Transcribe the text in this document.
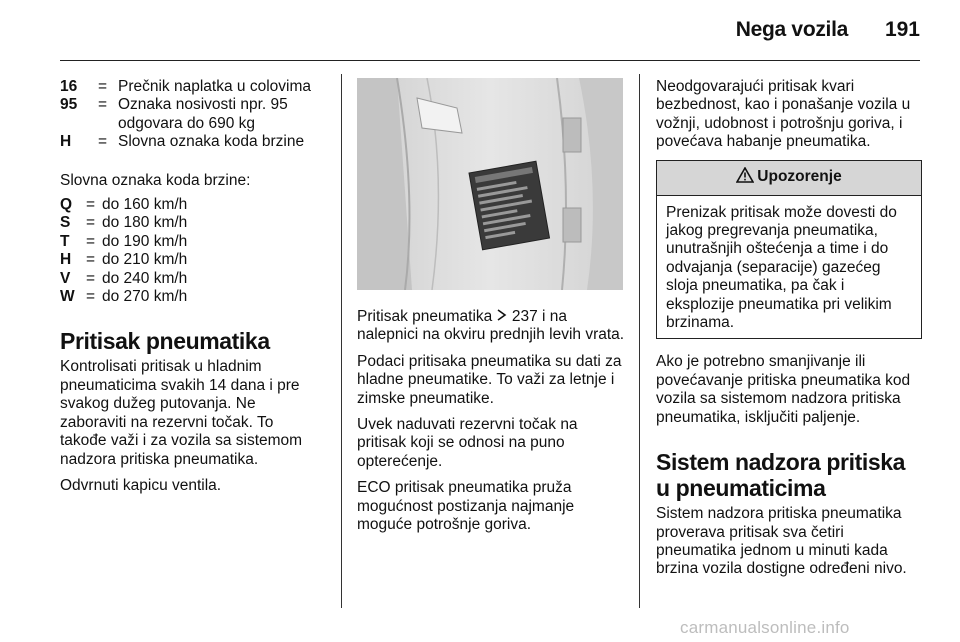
Nega vozila 191
16	= Prečnik naplatka u colovima
95	= Oznaka nosivosti npr. 95 odgovara do 690 kg
H	= Slovna oznaka koda brzine

Slovna oznaka koda brzine:

Q = do 160 km/h
S	= do 180 km/h
T	= do 190 km/h
H = do 210 km/h
V	= do 240 km/h
W = do 270 km/h
Pritisak pneumatika

Kontrolisati pritisak u hladnim pneumaticima svakih 14 dana i pre svakog dužeg putovanja. Ne zaboraviti na rezervni točak. To takođe važi i za vozila sa sistemom nadzora pritiska pneumatika.

Odvrnuti kapicu ventila.

Pritisak pneumatika  237 i na nalepnici na okviru prednjih levih vrata.

Podaci pritisaka pneumatika su dati za hladne pneumatike. To važi za letnje i zimske pneumatike.

Uvek naduvati rezervni točak na pritisak koji se odnosi na puno opterećenje.

ECO pritisak pneumatika pruža mogućnost postizanja najmanje moguće potrošnje goriva.

Neodgovarajući pritisak kvari bezbednost, kao i ponašanje vozila u vožnji, udobnost i potrošnju goriva, i povećava habanje pneumatika.

Upozorenje
Prenizak pritisak može dovesti do jakog pregrevanja pneumatika, unutrašnjih oštećenja a time i do odvajanja (separacije) gazećeg sloja pneumatika, pa čak i eksplozije pneumatika pri velikim brzinama.

Ako je potrebno smanjivanje ili povećavanje pritiska pneumatika kod vozila sa sistemom nadzora pritiska pneumatika, isključiti paljenje.

Sistem nadzora pritiska u pneumaticima

Sistem nadzora pritiska pneumatika proverava pritisak sva četiri pneumatika jednom u minuti kada brzina vozila dostigne određeni nivo.

carmanualsonline.info
